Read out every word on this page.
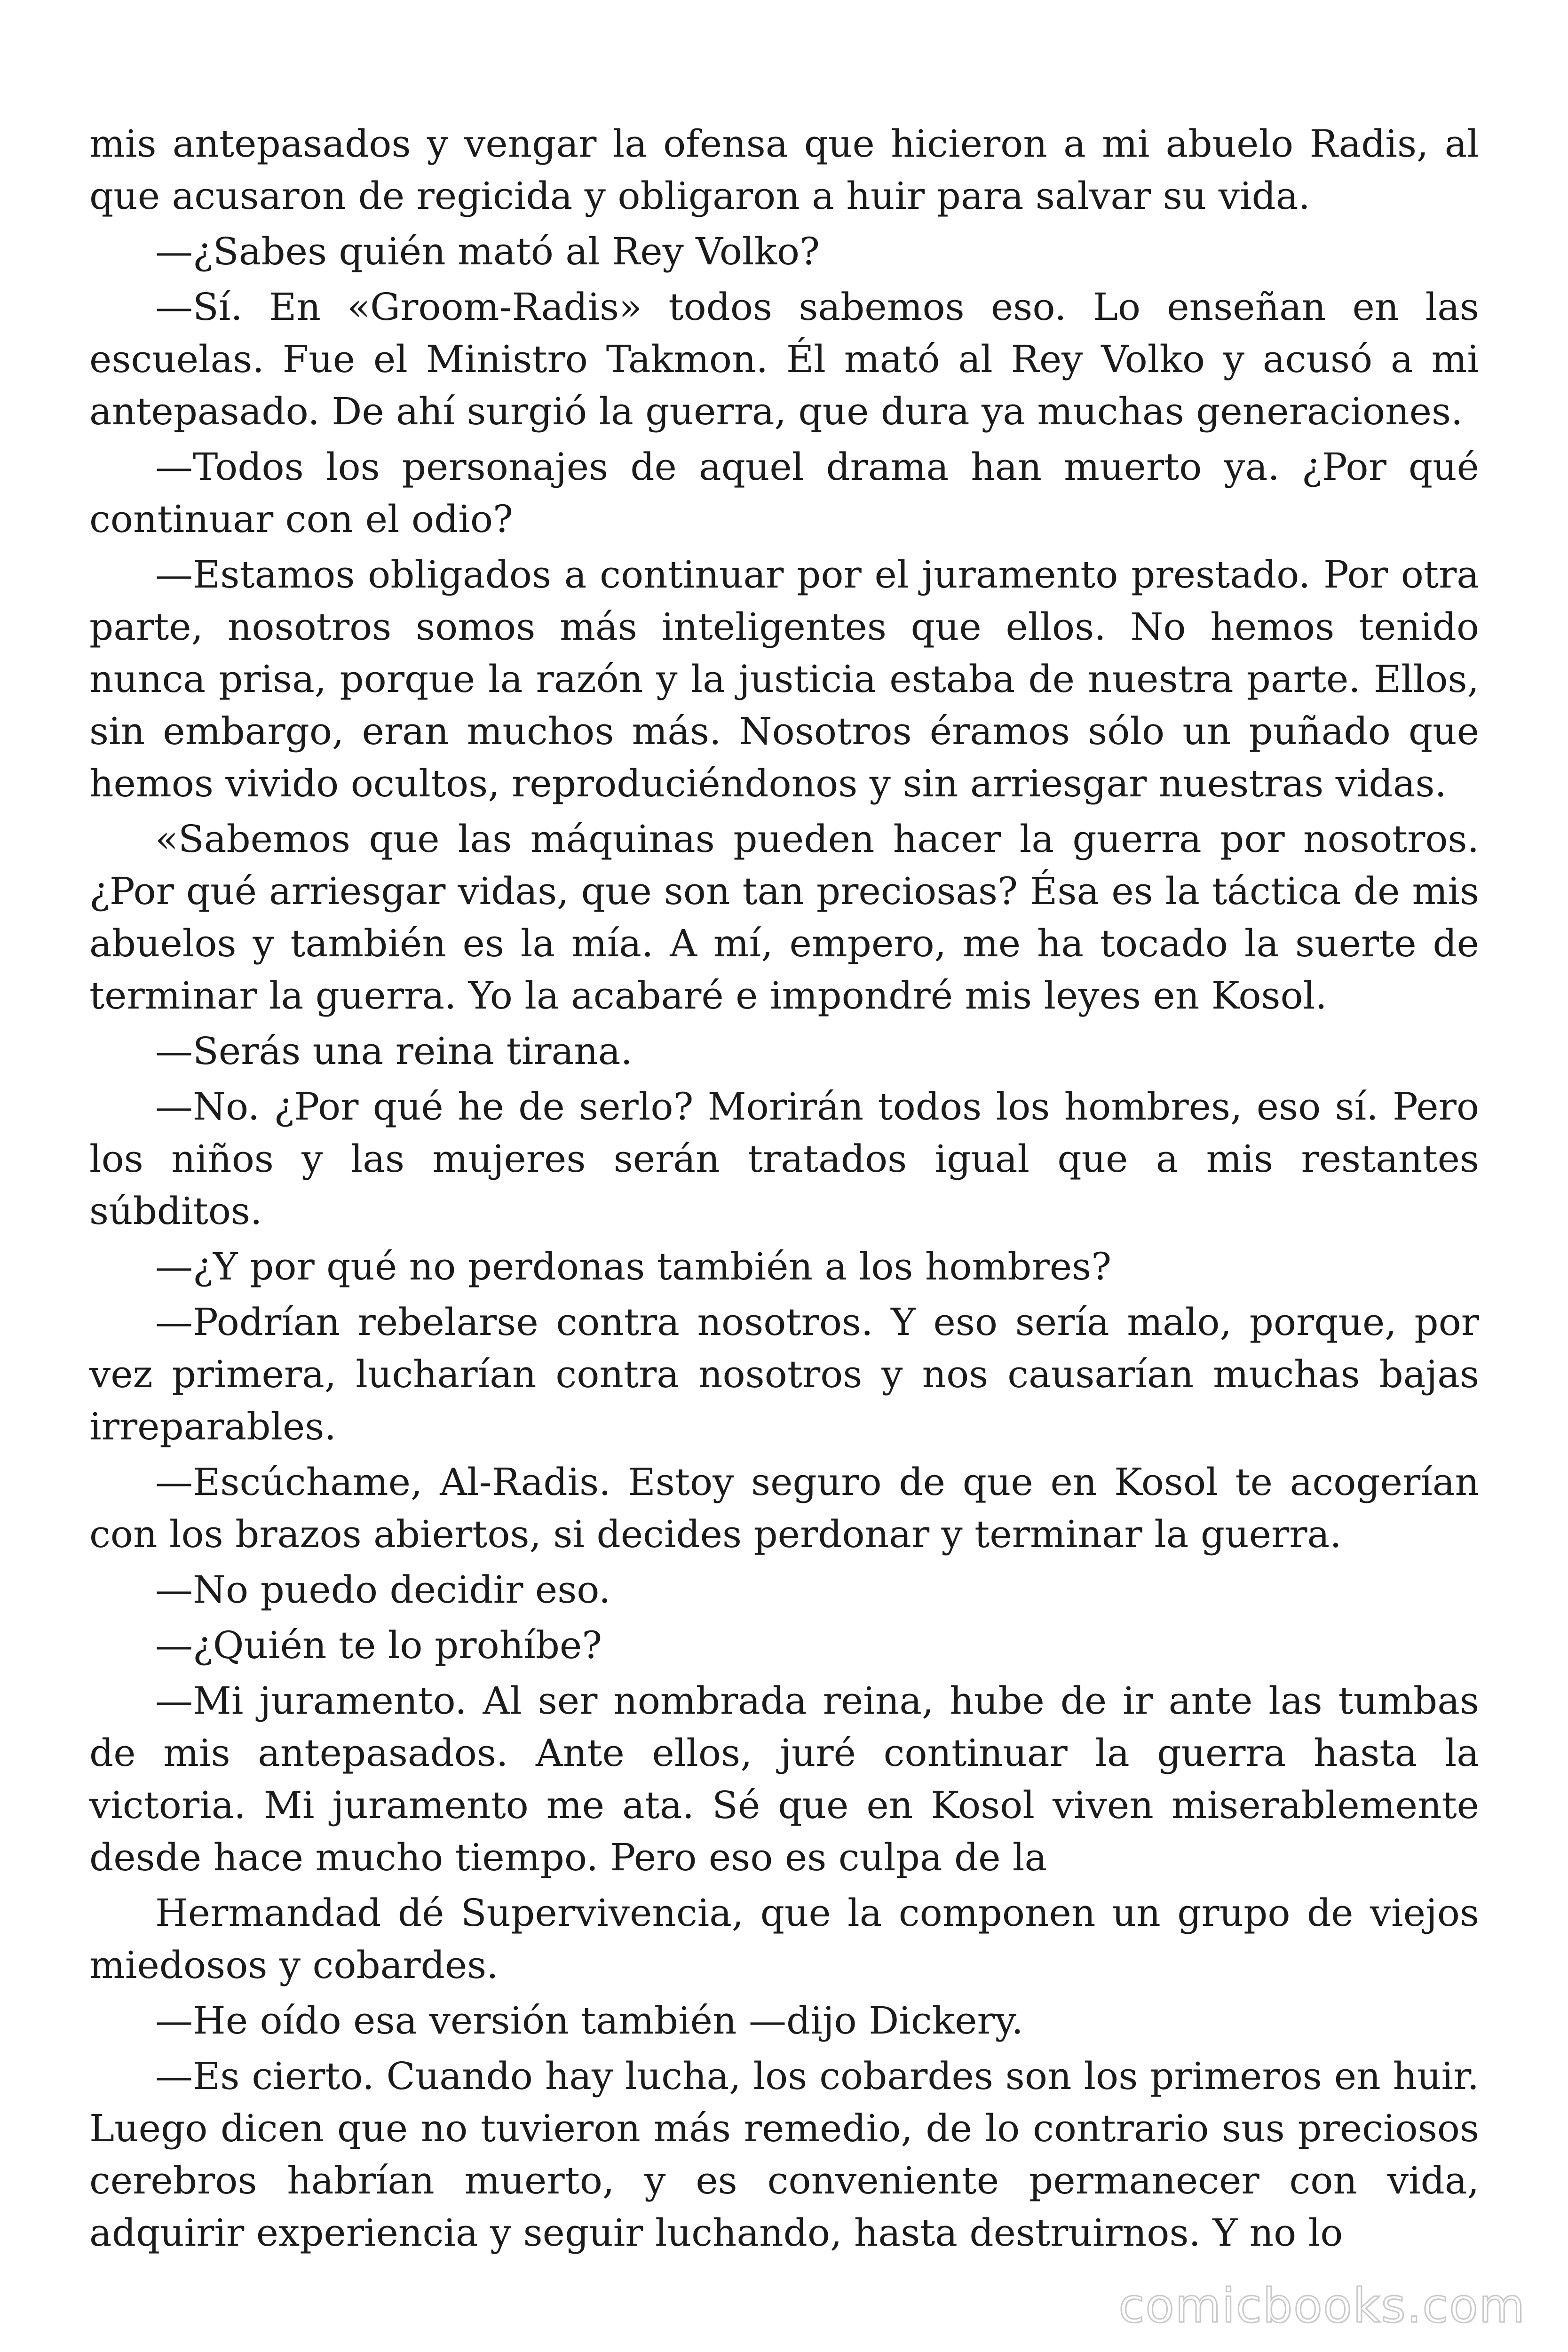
mis antepasados y vengar la ofensa que hicieron a mi abuelo Radis, al que acusaron de regicida y obligaron a huir para salvar su vida.

—¿Sabes quién mató al Rey Volko?

—Sí. En «Groom-Radis» todos sabemos eso. Lo enseñan en las escuelas. Fue el Ministro Takmon. Él mató al Rey Volko y acusó a mi antepasado. De ahí surgió la guerra, que dura ya muchas generaciones.

—Todos los personajes de aquel drama han muerto ya. ¿Por qué continuar con el odio?

—Estamos obligados a continuar por el juramento prestado. Por otra parte, nosotros somos más inteligentes que ellos. No hemos tenido nunca prisa, porque la razón y la justicia estaba de nuestra parte. Ellos, sin embargo, eran muchos más. Nosotros éramos sólo un puñado que hemos vivido ocultos, reproduciéndonos y sin arriesgar nuestras vidas.

«Sabemos que las máquinas pueden hacer la guerra por nosotros. ¿Por qué arriesgar vidas, que son tan preciosas? Ésa es la táctica de mis abuelos y también es la mía. A mí, empero, me ha tocado la suerte de terminar la guerra. Yo la acabaré e impondré mis leyes en Kosol.

—Serás una reina tirana.

—No. ¿Por qué he de serlo? Morirán todos los hombres, eso sí. Pero los niños y las mujeres serán tratados igual que a mis restantes súbditos.

—¿Y por qué no perdonas también a los hombres?

—Podrían rebelarse contra nosotros. Y eso sería malo, porque, por vez primera, lucharían contra nosotros y nos causarían muchas bajas irreparables.

—Escúchame, Al-Radis. Estoy seguro de que en Kosol te acogerían con los brazos abiertos, si decides perdonar y terminar la guerra.

—No puedo decidir eso.

—¿Quién te lo prohíbe?

—Mi juramento. Al ser nombrada reina, hube de ir ante las tumbas de mis antepasados. Ante ellos, juré continuar la guerra hasta la victoria. Mi juramento me ata. Sé que en Kosol viven miserablemente desde hace mucho tiempo. Pero eso es culpa de la

Hermandad dé Supervivencia, que la componen un grupo de viejos miedosos y cobardes.

—He oído esa versión también —dijo Dickery.

—Es cierto. Cuando hay lucha, los cobardes son los primeros en huir. Luego dicen que no tuvieron más remedio, de lo contrario sus preciosos cerebros habrían muerto, y es conveniente permanecer con vida, adquirir experiencia y seguir luchando, hasta destruirnos. Y no lo

comicbooks.com
